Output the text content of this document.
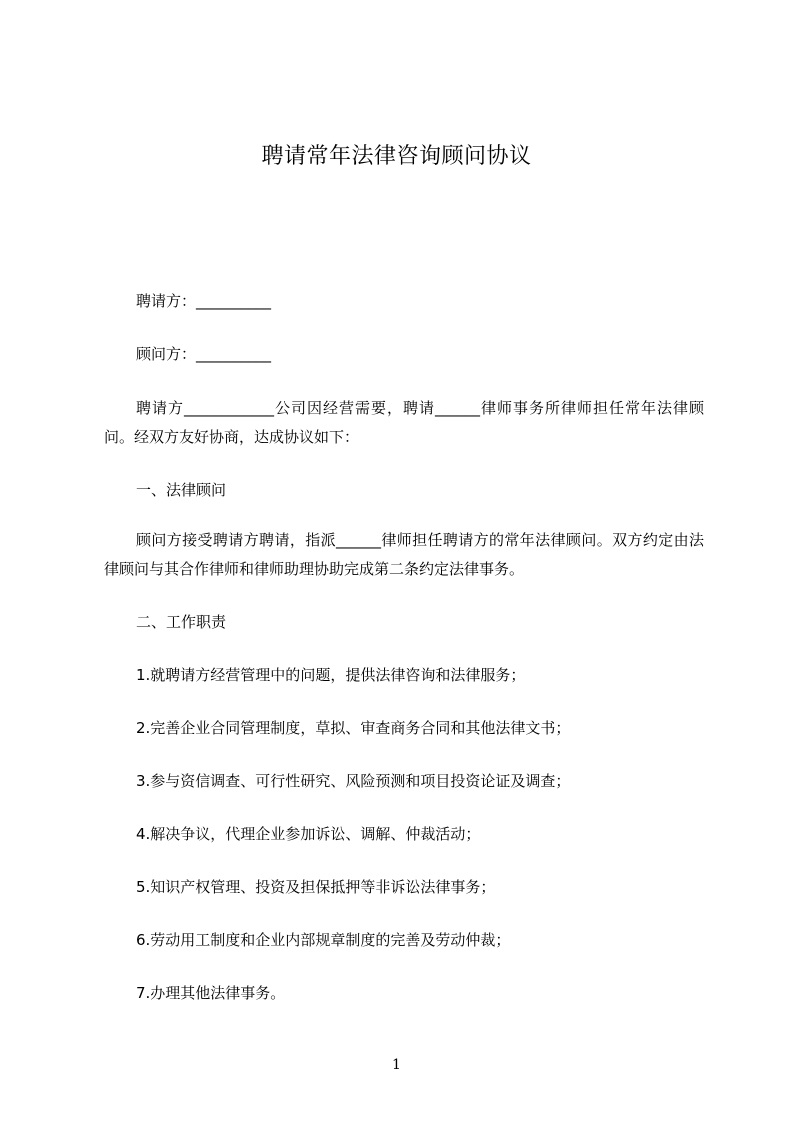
聘请常年法律咨询顾问协议
聘请方：__________
顾问方：__________
聘请方____________公司因经营需要，聘请______律师事务所律师担任常年法律顾问。经双方友好协商，达成协议如下：
一、法律顾问
顾问方接受聘请方聘请，指派______律师担任聘请方的常年法律顾问。双方约定由法律顾问与其合作律师和律师助理协助完成第二条约定法律事务。
二、工作职责
1.就聘请方经营管理中的问题，提供法律咨询和法律服务；
2.完善企业合同管理制度，草拟、审查商务合同和其他法律文书；
3.参与资信调查、可行性研究、风险预测和项目投资论证及调查；
4.解决争议，代理企业参加诉讼、调解、仲裁活动；
5.知识产权管理、投资及担保抵押等非诉讼法律事务；
6.劳动用工制度和企业内部规章制度的完善及劳动仲裁；
7.办理其他法律事务。
1
